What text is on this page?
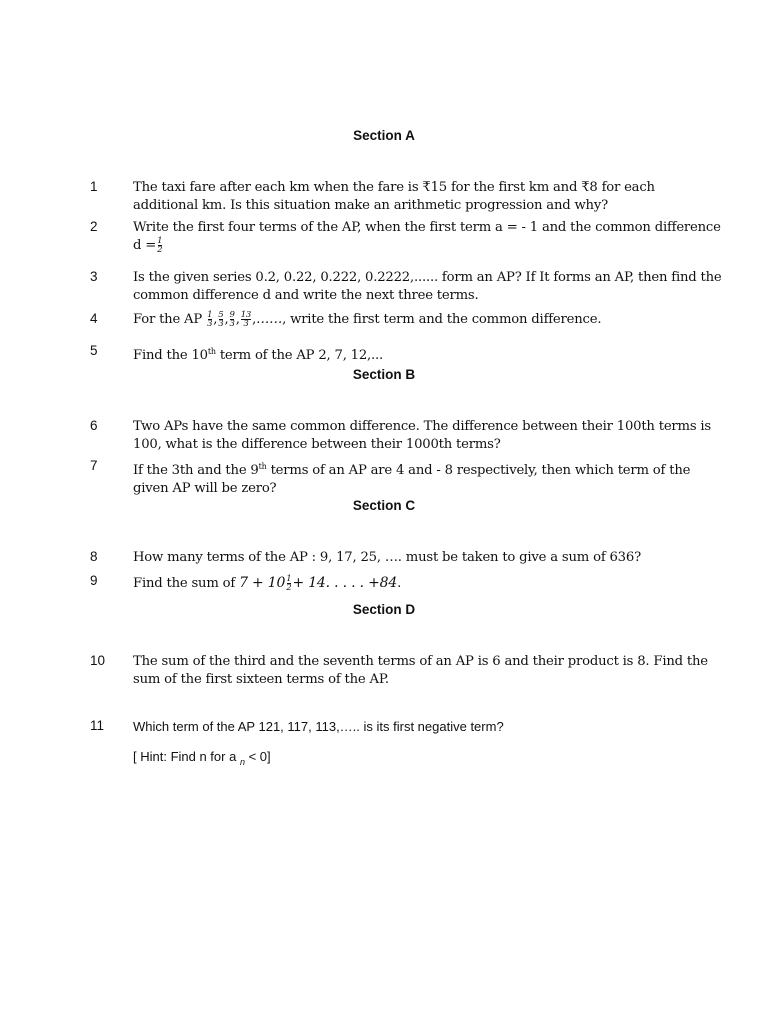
Section A
1	The taxi fare after each km when the fare is ₹15 for the first km and ₹8 for each additional km. Is this situation make an arithmetic progression and why?
2	Write the first four terms of the AP, when the first term a = - 1 and the common difference
$d = \frac{1}{2}$
3	Is the given series 0.2, 0.22, 0.222, 0.2222,...... form an AP? If It forms an AP, then find the common difference d and write the next three terms.
4	For the AP $\frac{1}{3}$ , $\frac{5}{3}$ , $\frac{9}{3}$ , $\frac{13}{3}$ ,……, write the first term and the common difference.
5	Find the 10th term of the AP 2, 7, 12,...
Section B
6	Two APs have the same common difference. The difference between their 100th terms is 100, what is the difference between their 1000th terms?
7	If the 3th and the 9th terms of an AP are 4 and - 8 respectively, then which term of the given AP will be zero?
Section C
8	How many terms of the AP : 9, 17, 25, …. must be taken to give a sum of 636?
9	Find the sum of $7 + 10 \frac{1}{2} + 14$. . . . . +84.
Section D
10 The sum of the third and the seventh terms of an AP is 6 and their product is 8. Find the sum of the first sixteen terms of the AP.
11 Which term of the AP 121, 117, 113,….. is its first negative term?
[ Hint: Find n for a $_n$ < 0]
